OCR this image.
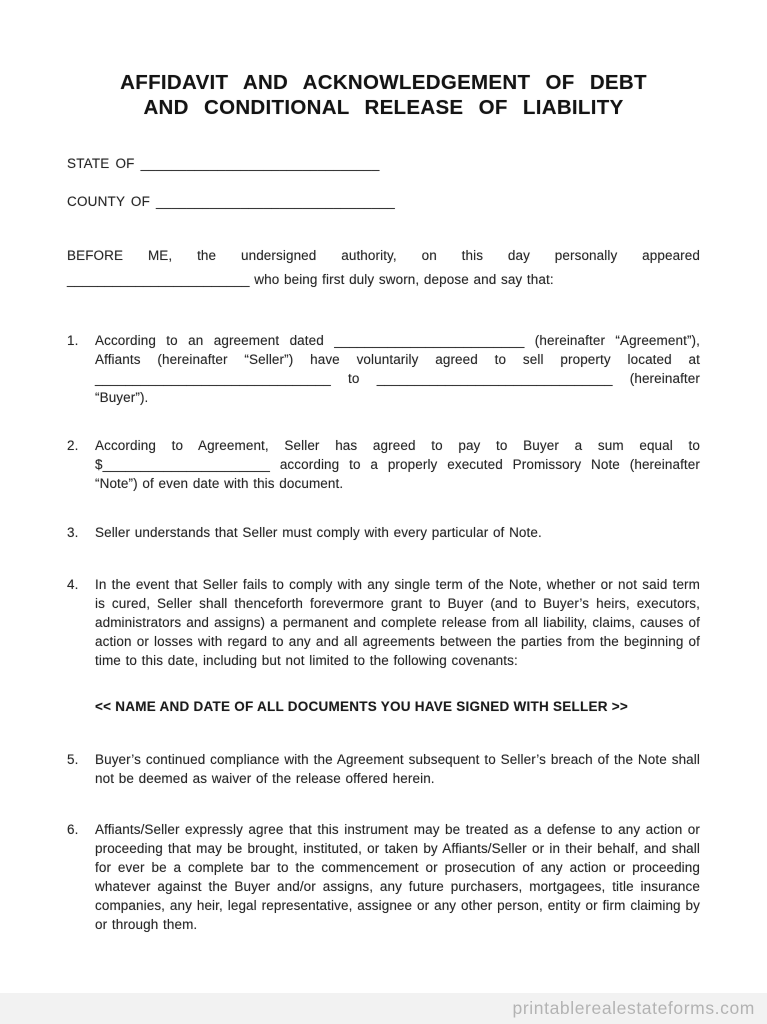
AFFIDAVIT AND ACKNOWLEDGEMENT OF DEBT
AND CONDITIONAL RELEASE OF LIABILITY

STATE OF _______________________________

COUNTY OF _______________________________

BEFORE ME, the undersigned authority, on this day personally appeared ________________________ who being first duly sworn, depose and say that:

1.	According to an agreement dated _________________________ (hereinafter “Agreement”), Affiants (hereinafter “Seller”) have voluntarily agreed to sell property located at _______________________________ to _______________________________ (hereinafter “Buyer”).
2.	According to Agreement, Seller has agreed to pay to Buyer a sum equal to $______________________ according to a properly executed Promissory Note (hereinafter “Note”) of even date with this document.
3.	Seller understands that Seller must comply with every particular of Note.
4.	In the event that Seller fails to comply with any single term of the Note, whether or not said term is cured, Seller shall thenceforth forevermore grant to Buyer (and to Buyer’s heirs, executors, administrators and assigns) a permanent and complete release from all liability, claims, causes of action or losses with regard to any and all agreements between the parties from the beginning of time to this date, including but not limited to the following covenants:
<< NAME AND DATE OF ALL DOCUMENTS YOU HAVE SIGNED WITH SELLER >>
5.	Buyer’s continued compliance with the Agreement subsequent to Seller’s breach of the Note shall not be deemed as waiver of the release offered herein.
6.	Affiants/Seller expressly agree that this instrument may be treated as a defense to any action or proceeding that may be brought, instituted, or taken by Affiants/Seller or in their behalf, and shall for ever be a complete bar to the commencement or prosecution of any action or proceeding whatever against the Buyer and/or assigns, any future purchasers, mortgagees, title insurance companies, any heir, legal representative, assignee or any other person, entity or firm claiming by or through them.
printablerealestateforms.com
